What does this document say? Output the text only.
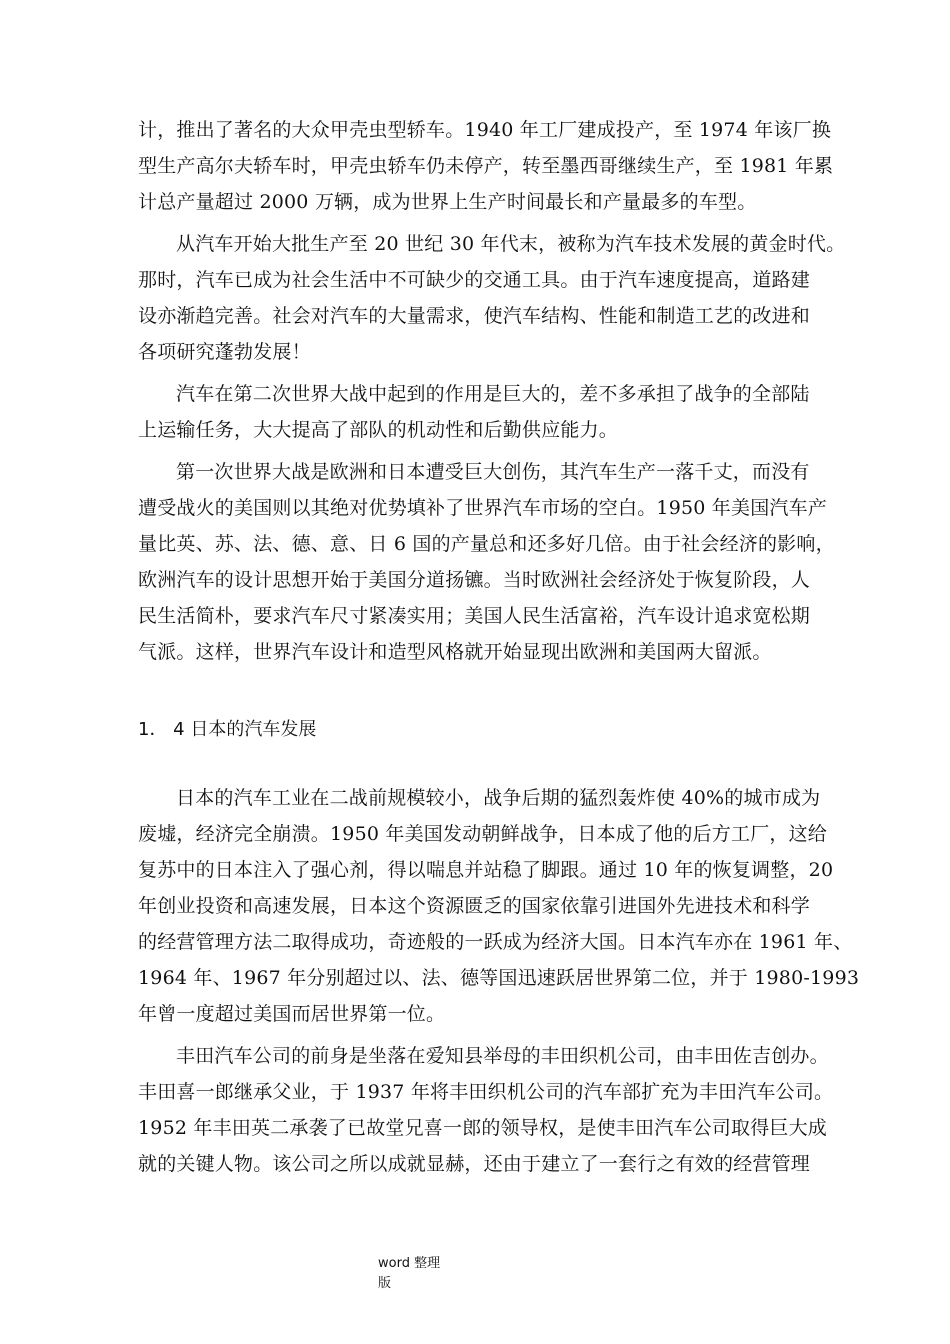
计，推出了著名的大众甲壳虫型轿车。1940 年工厂建成投产，至 1974 年该厂换
型生产高尔夫轿车时，甲壳虫轿车仍未停产，转至墨西哥继续生产，至 1981 年累
计总产量超过 2000 万辆，成为世界上生产时间最长和产量最多的车型。
从汽车开始大批生产至 20 世纪 30 年代末，被称为汽车技术发展的黄金时代。
那时，汽车已成为社会生活中不可缺少的交通工具。由于汽车速度提高，道路建
设亦渐趋完善。社会对汽车的大量需求，使汽车结构、性能和制造工艺的改进和
各项研究蓬勃发展！
汽车在第二次世界大战中起到的作用是巨大的，差不多承担了战争的全部陆
上运输任务，大大提高了部队的机动性和后勤供应能力。
第一次世界大战是欧洲和日本遭受巨大创伤，其汽车生产一落千丈，而没有
遭受战火的美国则以其绝对优势填补了世界汽车市场的空白。1950 年美国汽车产
量比英、苏、法、德、意、日 6 国的产量总和还多好几倍。由于社会经济的影响，
欧洲汽车的设计思想开始于美国分道扬镳。当时欧洲社会经济处于恢复阶段，人
民生活简朴，要求汽车尺寸紧凑实用；美国人民生活富裕，汽车设计追求宽松期
气派。这样，世界汽车设计和造型风格就开始显现出欧洲和美国两大留派。
1． 4 日本的汽车发展
日本的汽车工业在二战前规模较小，战争后期的猛烈轰炸使 40%的城市成为
废墟，经济完全崩溃。1950 年美国发动朝鲜战争，日本成了他的后方工厂，这给
复苏中的日本注入了强心剂，得以喘息并站稳了脚跟。通过 10 年的恢复调整，20
年创业投资和高速发展，日本这个资源匮乏的国家依靠引进国外先进技术和科学
的经营管理方法二取得成功，奇迹般的一跃成为经济大国。日本汽车亦在 1961 年、
1964 年、1967 年分别超过以、法、德等国迅速跃居世界第二位，并于 1980-1993
年曾一度超过美国而居世界第一位。
丰田汽车公司的前身是坐落在爱知县举母的丰田织机公司，由丰田佐吉创办。
丰田喜一郎继承父业，于 1937 年将丰田织机公司的汽车部扩充为丰田汽车公司。
1952 年丰田英二承袭了已故堂兄喜一郎的领导权，是使丰田汽车公司取得巨大成
就的关键人物。该公司之所以成就显赫，还由于建立了一套行之有效的经营管理
word 整理
版
